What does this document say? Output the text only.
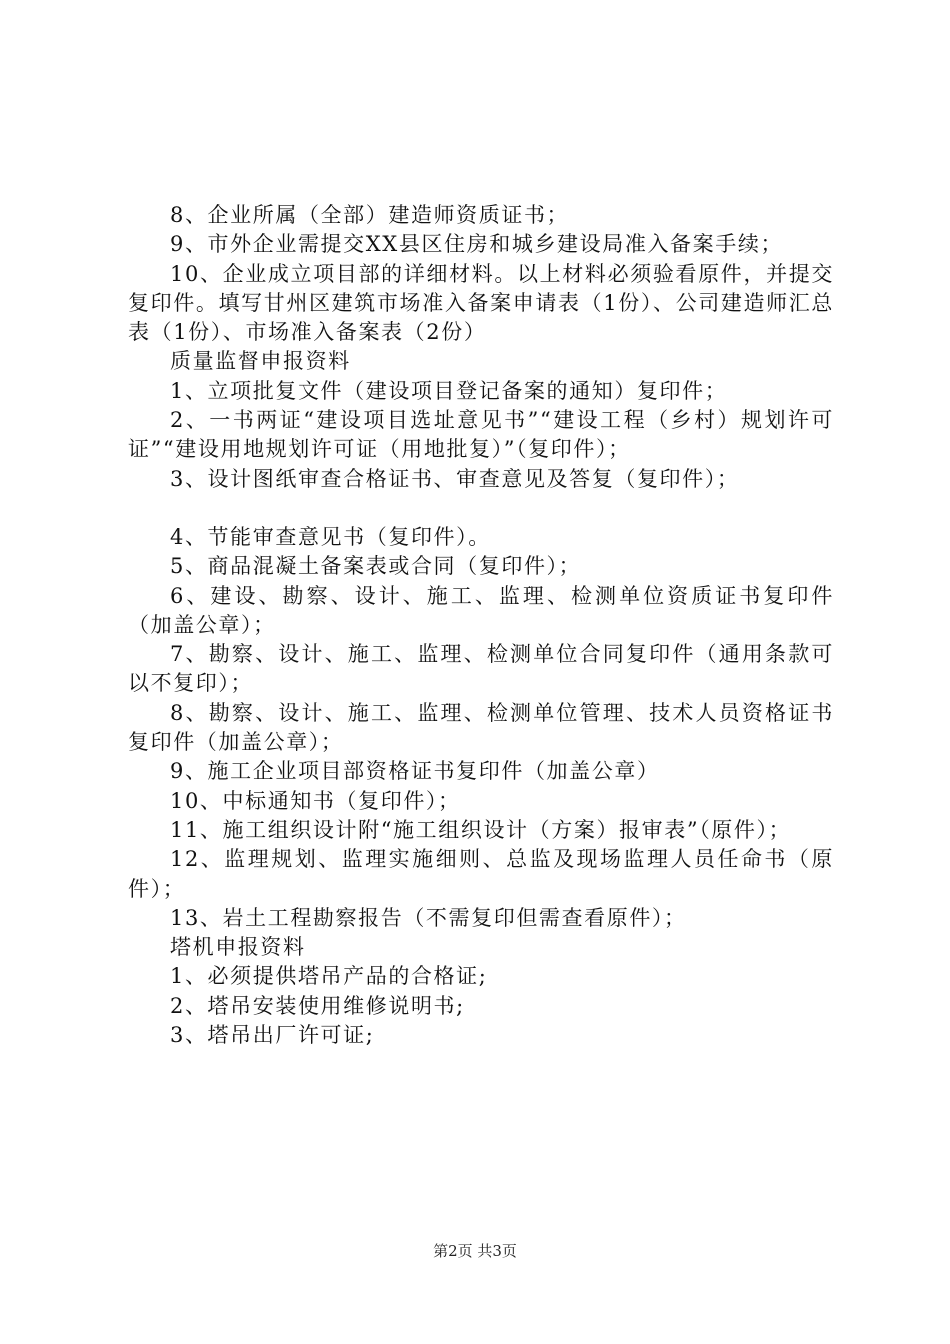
8、企业所属（全部）建造师资质证书；

9、市外企业需提交XX县区住房和城乡建设局准入备案手续；

10、企业成立项目部的详细材料。以上材料必须验看原件，并提交复印件。填写甘州区建筑市场准入备案申请表（1份）、公司建造师汇总表（1份）、市场准入备案表（2份）

质量监督申报资料

1、立项批复文件（建设项目登记备案的通知）复印件；

2、一书两证“建设项目选址意见书”“建设工程（乡村）规划许可证”“建设用地规划许可证（用地批复）”（复印件）；

3、设计图纸审查合格证书、审查意见及答复（复印件）；

4、节能审查意见书（复印件）。

5、商品混凝土备案表或合同（复印件）；

6、建设、勘察、设计、施工、监理、检测单位资质证书复印件（加盖公章）；

7、勘察、设计、施工、监理、检测单位合同复印件（通用条款可以不复印）；

8、勘察、设计、施工、监理、检测单位管理、技术人员资格证书复印件（加盖公章）；

9、施工企业项目部资格证书复印件（加盖公章）

10、中标通知书（复印件）；

11、施工组织设计附“施工组织设计（方案）报审表”（原件）；

12、监理规划、监理实施细则、总监及现场监理人员任命书（原件）；

13、岩土工程勘察报告（不需复印但需查看原件）；

塔机申报资料

1、必须提供塔吊产品的合格证;

2、塔吊安装使用维修说明书;

3、塔吊出厂许可证;

第2页 共3页
